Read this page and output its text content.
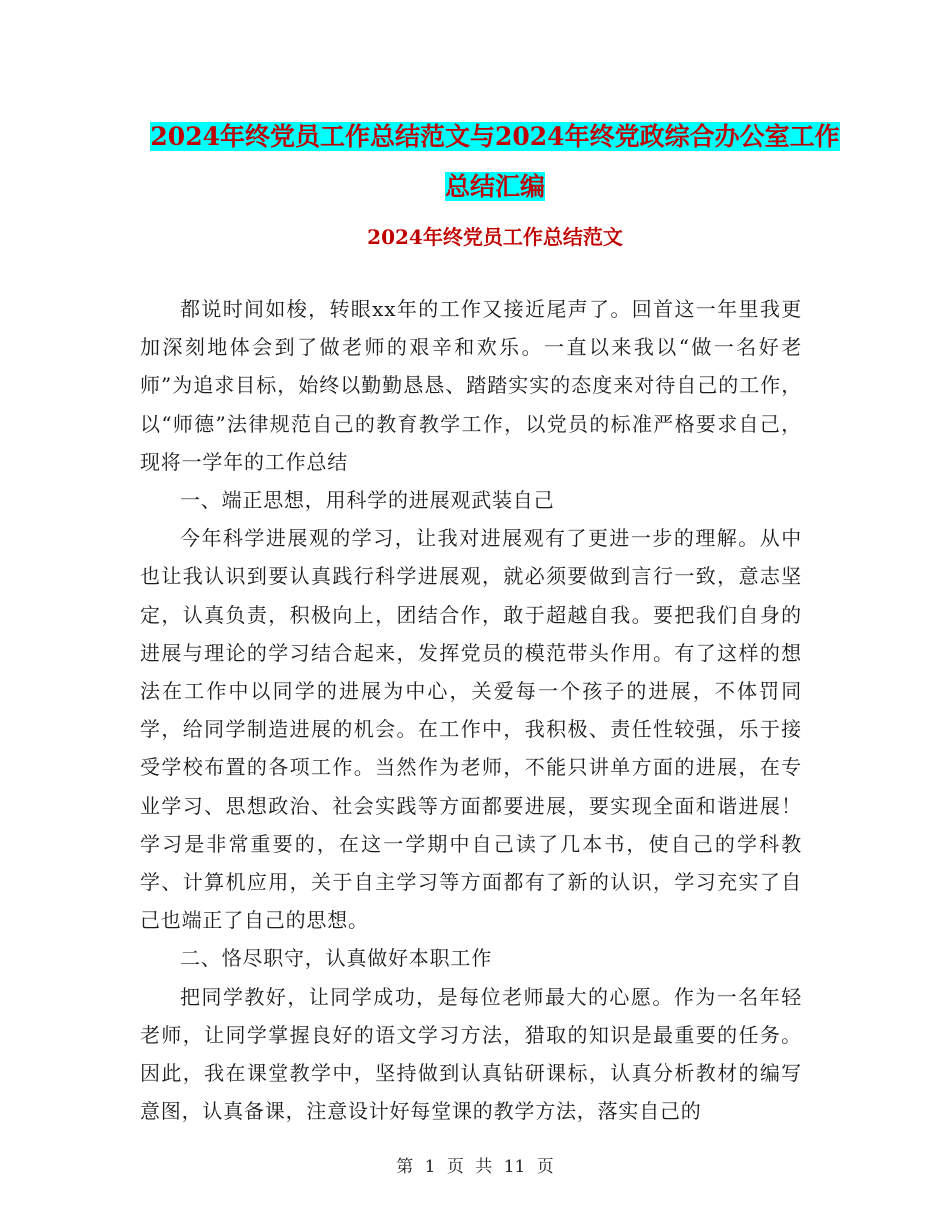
2024年终党员工作总结范文与2024年终党政综合办公室工作总结汇编
2024年终党员工作总结范文

都说时间如梭，转眼xx年的工作又接近尾声了。回首这一年里我更加深刻地体会到了做老师的艰辛和欢乐。一直以来我以“做一名好老师”为追求目标，始终以勤勤恳恳、踏踏实实的态度来对待自己的工作，以“师德”法律规范自己的教育教学工作，以党员的标准严格要求自己，现将一学年的工作总结

一、端正思想，用科学的进展观武装自己

今年科学进展观的学习，让我对进展观有了更进一步的理解。从中也让我认识到要认真践行科学进展观，就必须要做到言行一致，意志坚定，认真负责，积极向上，团结合作，敢于超越自我。要把我们自身的进展与理论的学习结合起来，发挥党员的模范带头作用。有了这样的想法在工作中以同学的进展为中心，关爱每一个孩子的进展，不体罚同学，给同学制造进展的机会。在工作中，我积极、责任性较强，乐于接受学校布置的各项工作。当然作为老师，不能只讲单方面的进展，在专业学习、思想政治、社会实践等方面都要进展，要实现全面和谐进展！学习是非常重要的，在这一学期中自己读了几本书，使自己的学科教学、计算机应用，关于自主学习等方面都有了新的认识，学习充实了自己也端正了自己的思想。

二、恪尽职守，认真做好本职工作

把同学教好，让同学成功，是每位老师最大的心愿。作为一名年轻老师，让同学掌握良好的语文学习方法，猎取的知识是最重要的任务。因此，我在课堂教学中，坚持做到认真钻研课标，认真分析教材的编写意图，认真备课，注意设计好每堂课的教学方法，落实自己的

第 1 页 共 11 页
